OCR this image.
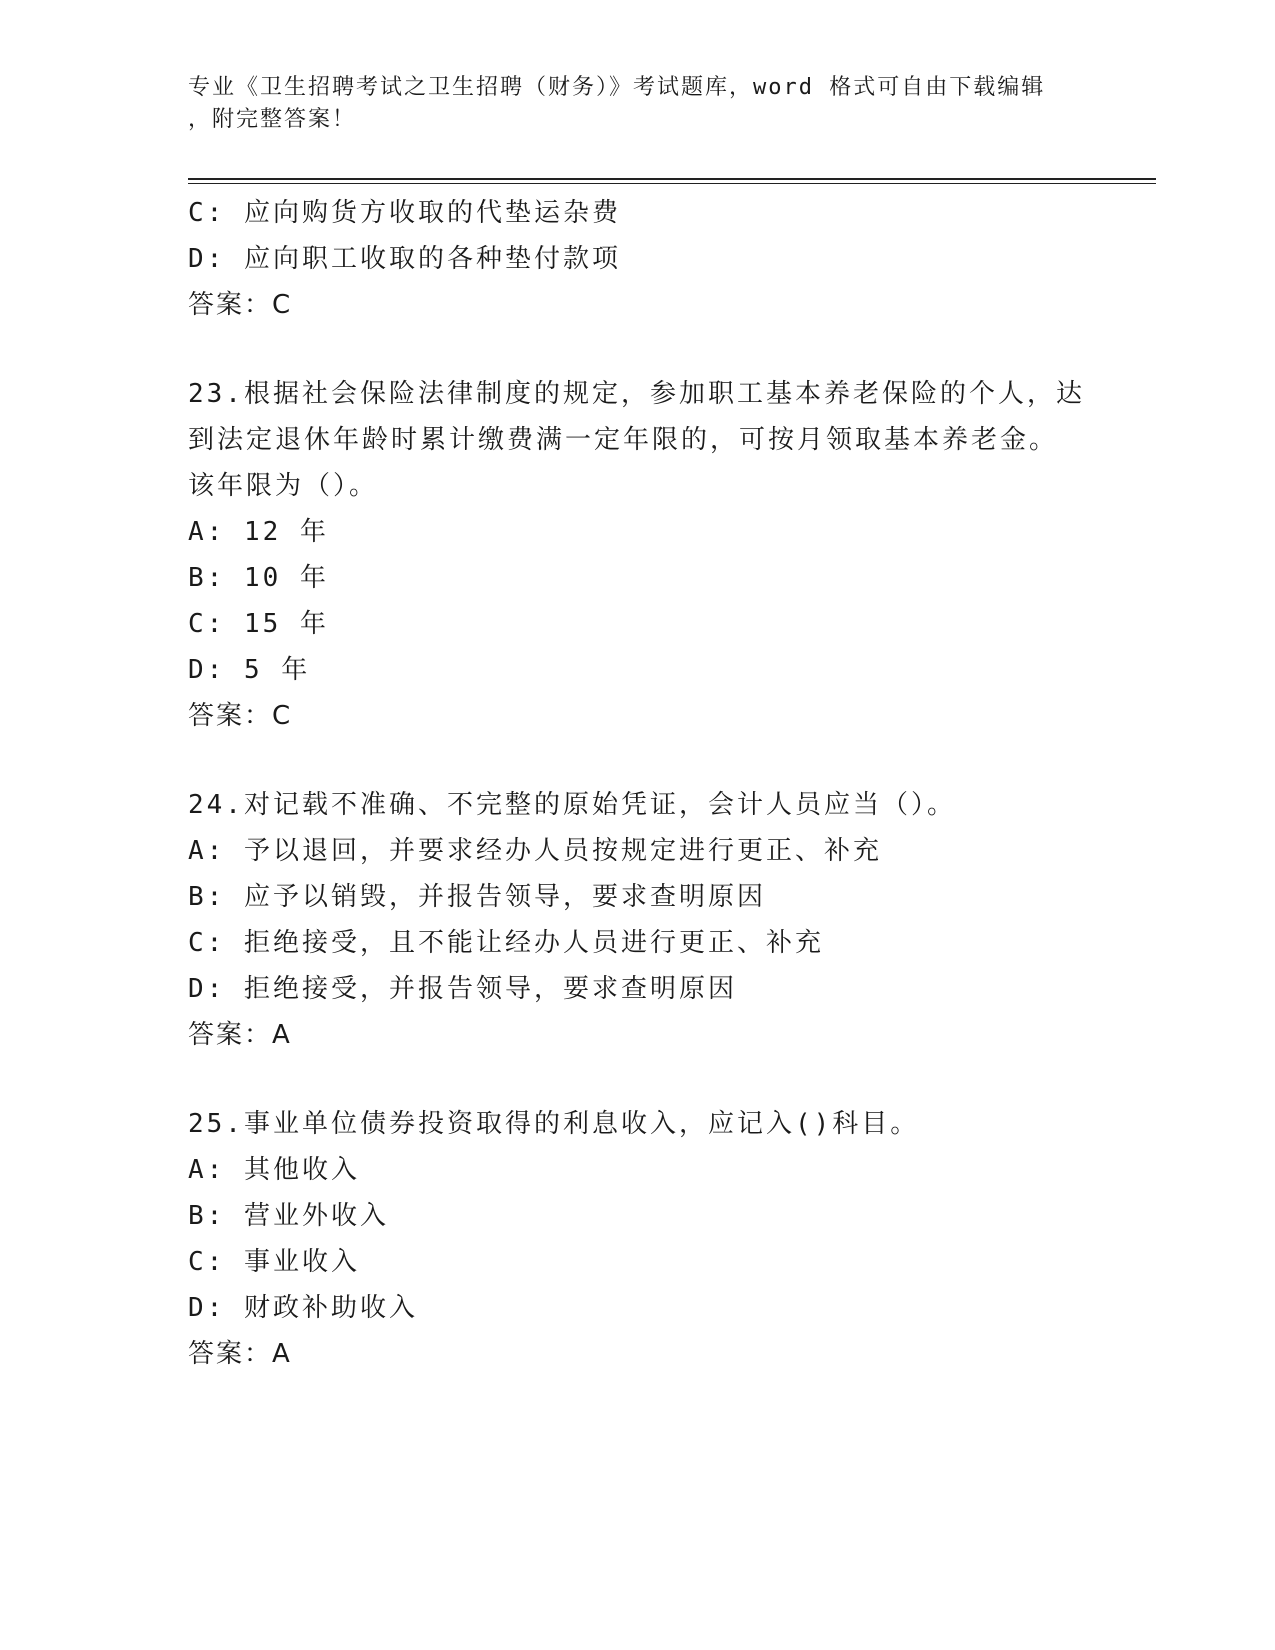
专业《卫生招聘考试之卫生招聘（财务）》考试题库，word 格式可自由下载编辑
，附完整答案！
C: 应向购货方收取的代垫运杂费
D: 应向职工收取的各种垫付款项
答案：C
23.根据社会保险法律制度的规定，参加职工基本养老保险的个人，达
到法定退休年龄时累计缴费满一定年限的，可按月领取基本养老金。
该年限为（）。
A: 12 年
B: 10 年
C: 15 年
D: 5 年
答案：C
24.对记载不准确、不完整的原始凭证，会计人员应当（）。
A: 予以退回，并要求经办人员按规定进行更正、补充
B: 应予以销毁，并报告领导，要求查明原因
C: 拒绝接受，且不能让经办人员进行更正、补充
D: 拒绝接受，并报告领导，要求查明原因
答案：A
25.事业单位债券投资取得的利息收入，应记入()科目。
A: 其他收入
B: 营业外收入
C: 事业收入
D: 财政补助收入
答案：A
